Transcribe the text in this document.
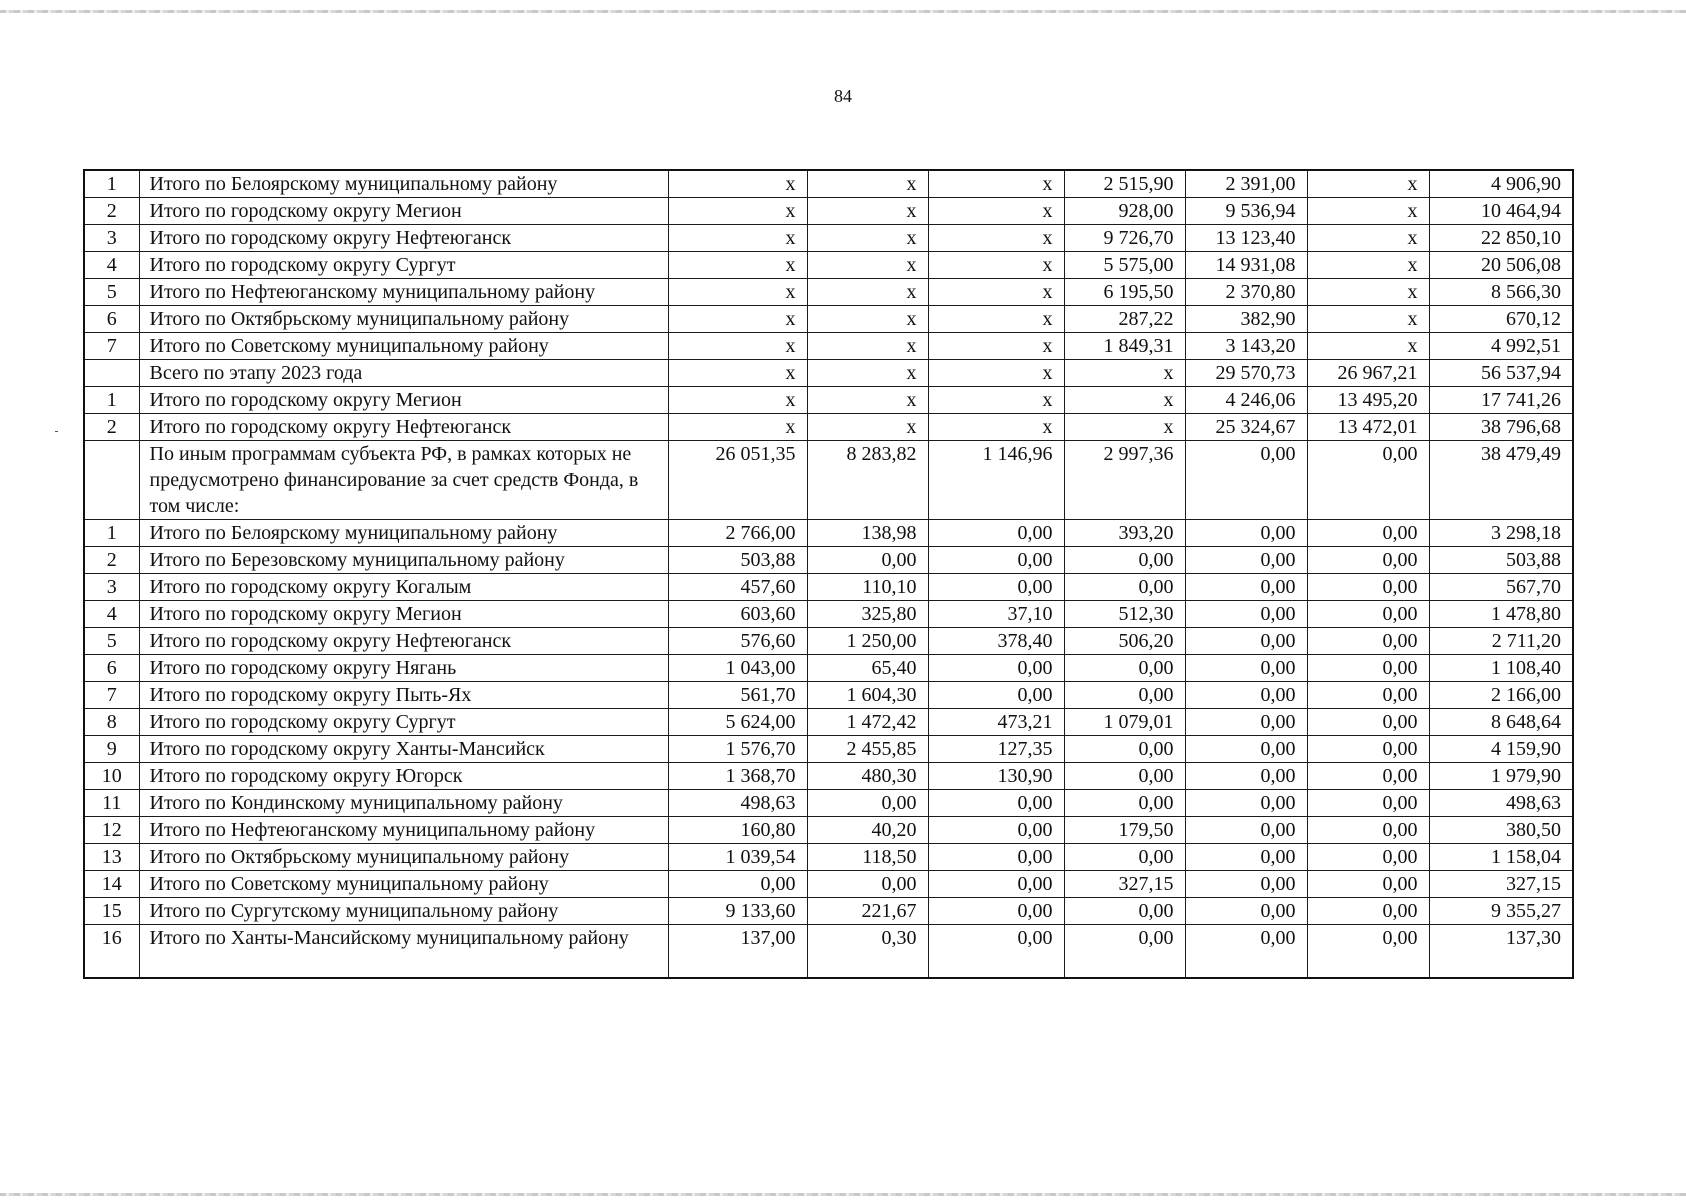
84
1	Итого по Белоярскому муниципальному району	x	x	x	2 515,90	2 391,00	x	4 906,90
2	Итого по городскому округу Мегион	x	x	x	928,00	9 536,94	x	10 464,94
3	Итого по городскому округу Нефтеюганск	x	x	x	9 726,70	13 123,40	x	22 850,10
4	Итого по городскому округу Сургут	x	x	x	5 575,00	14 931,08	x	20 506,08
5	Итого по Нефтеюганскому муниципальному району	x	x	x	6 195,50	2 370,80	x	8 566,30
6	Итого по Октябрьскому муниципальному району	x	x	x	287,22	382,90	x	670,12
7	Итого по Советскому муниципальному району	x	x	x	1 849,31	3 143,20	x	4 992,51
	Всего по этапу 2023 года	x	x	x	x	29 570,73	26 967,21	56 537,94
1	Итого по городскому округу Мегион	x	x	x	x	4 246,06	13 495,20	17 741,26
2	Итого по городскому округу Нефтеюганск	x	x	x	x	25 324,67	13 472,01	38 796,68
	По иным программам субъекта РФ, в рамках которых не предусмотрено финансирование за счет средств Фонда, в том числе:	26 051,35	8 283,82	1 146,96	2 997,36	0,00	0,00	38 479,49
1	Итого по Белоярскому муниципальному району	2 766,00	138,98	0,00	393,20	0,00	0,00	3 298,18
2	Итого по Березовскому муниципальному району	503,88	0,00	0,00	0,00	0,00	0,00	503,88
3	Итого по городскому округу Когалым	457,60	110,10	0,00	0,00	0,00	0,00	567,70
4	Итого по городскому округу Мегион	603,60	325,80	37,10	512,30	0,00	0,00	1 478,80
5	Итого по городскому округу Нефтеюганск	576,60	1 250,00	378,40	506,20	0,00	0,00	2 711,20
6	Итого по городскому округу Нягань	1 043,00	65,40	0,00	0,00	0,00	0,00	1 108,40
7	Итого по городскому округу Пыть-Ях	561,70	1 604,30	0,00	0,00	0,00	0,00	2 166,00
8	Итого по городскому округу Сургут	5 624,00	1 472,42	473,21	1 079,01	0,00	0,00	8 648,64
9	Итого по городскому округу Ханты-Мансийск	1 576,70	2 455,85	127,35	0,00	0,00	0,00	4 159,90
10	Итого по городскому округу Югорск	1 368,70	480,30	130,90	0,00	0,00	0,00	1 979,90
11	Итого по Кондинскому муниципальному району	498,63	0,00	0,00	0,00	0,00	0,00	498,63
12	Итого по Нефтеюганскому муниципальному району	160,80	40,20	0,00	179,50	0,00	0,00	380,50
13	Итого по Октябрьскому муниципальному району	1 039,54	118,50	0,00	0,00	0,00	0,00	1 158,04
14	Итого по Советскому муниципальному району	0,00	0,00	0,00	327,15	0,00	0,00	327,15
15	Итого по Сургутскому муниципальному району	9 133,60	221,67	0,00	0,00	0,00	0,00	9 355,27
16	Итого по Ханты-Мансийскому муниципальному району	137,00	0,30	0,00	0,00	0,00	0,00	137,30
